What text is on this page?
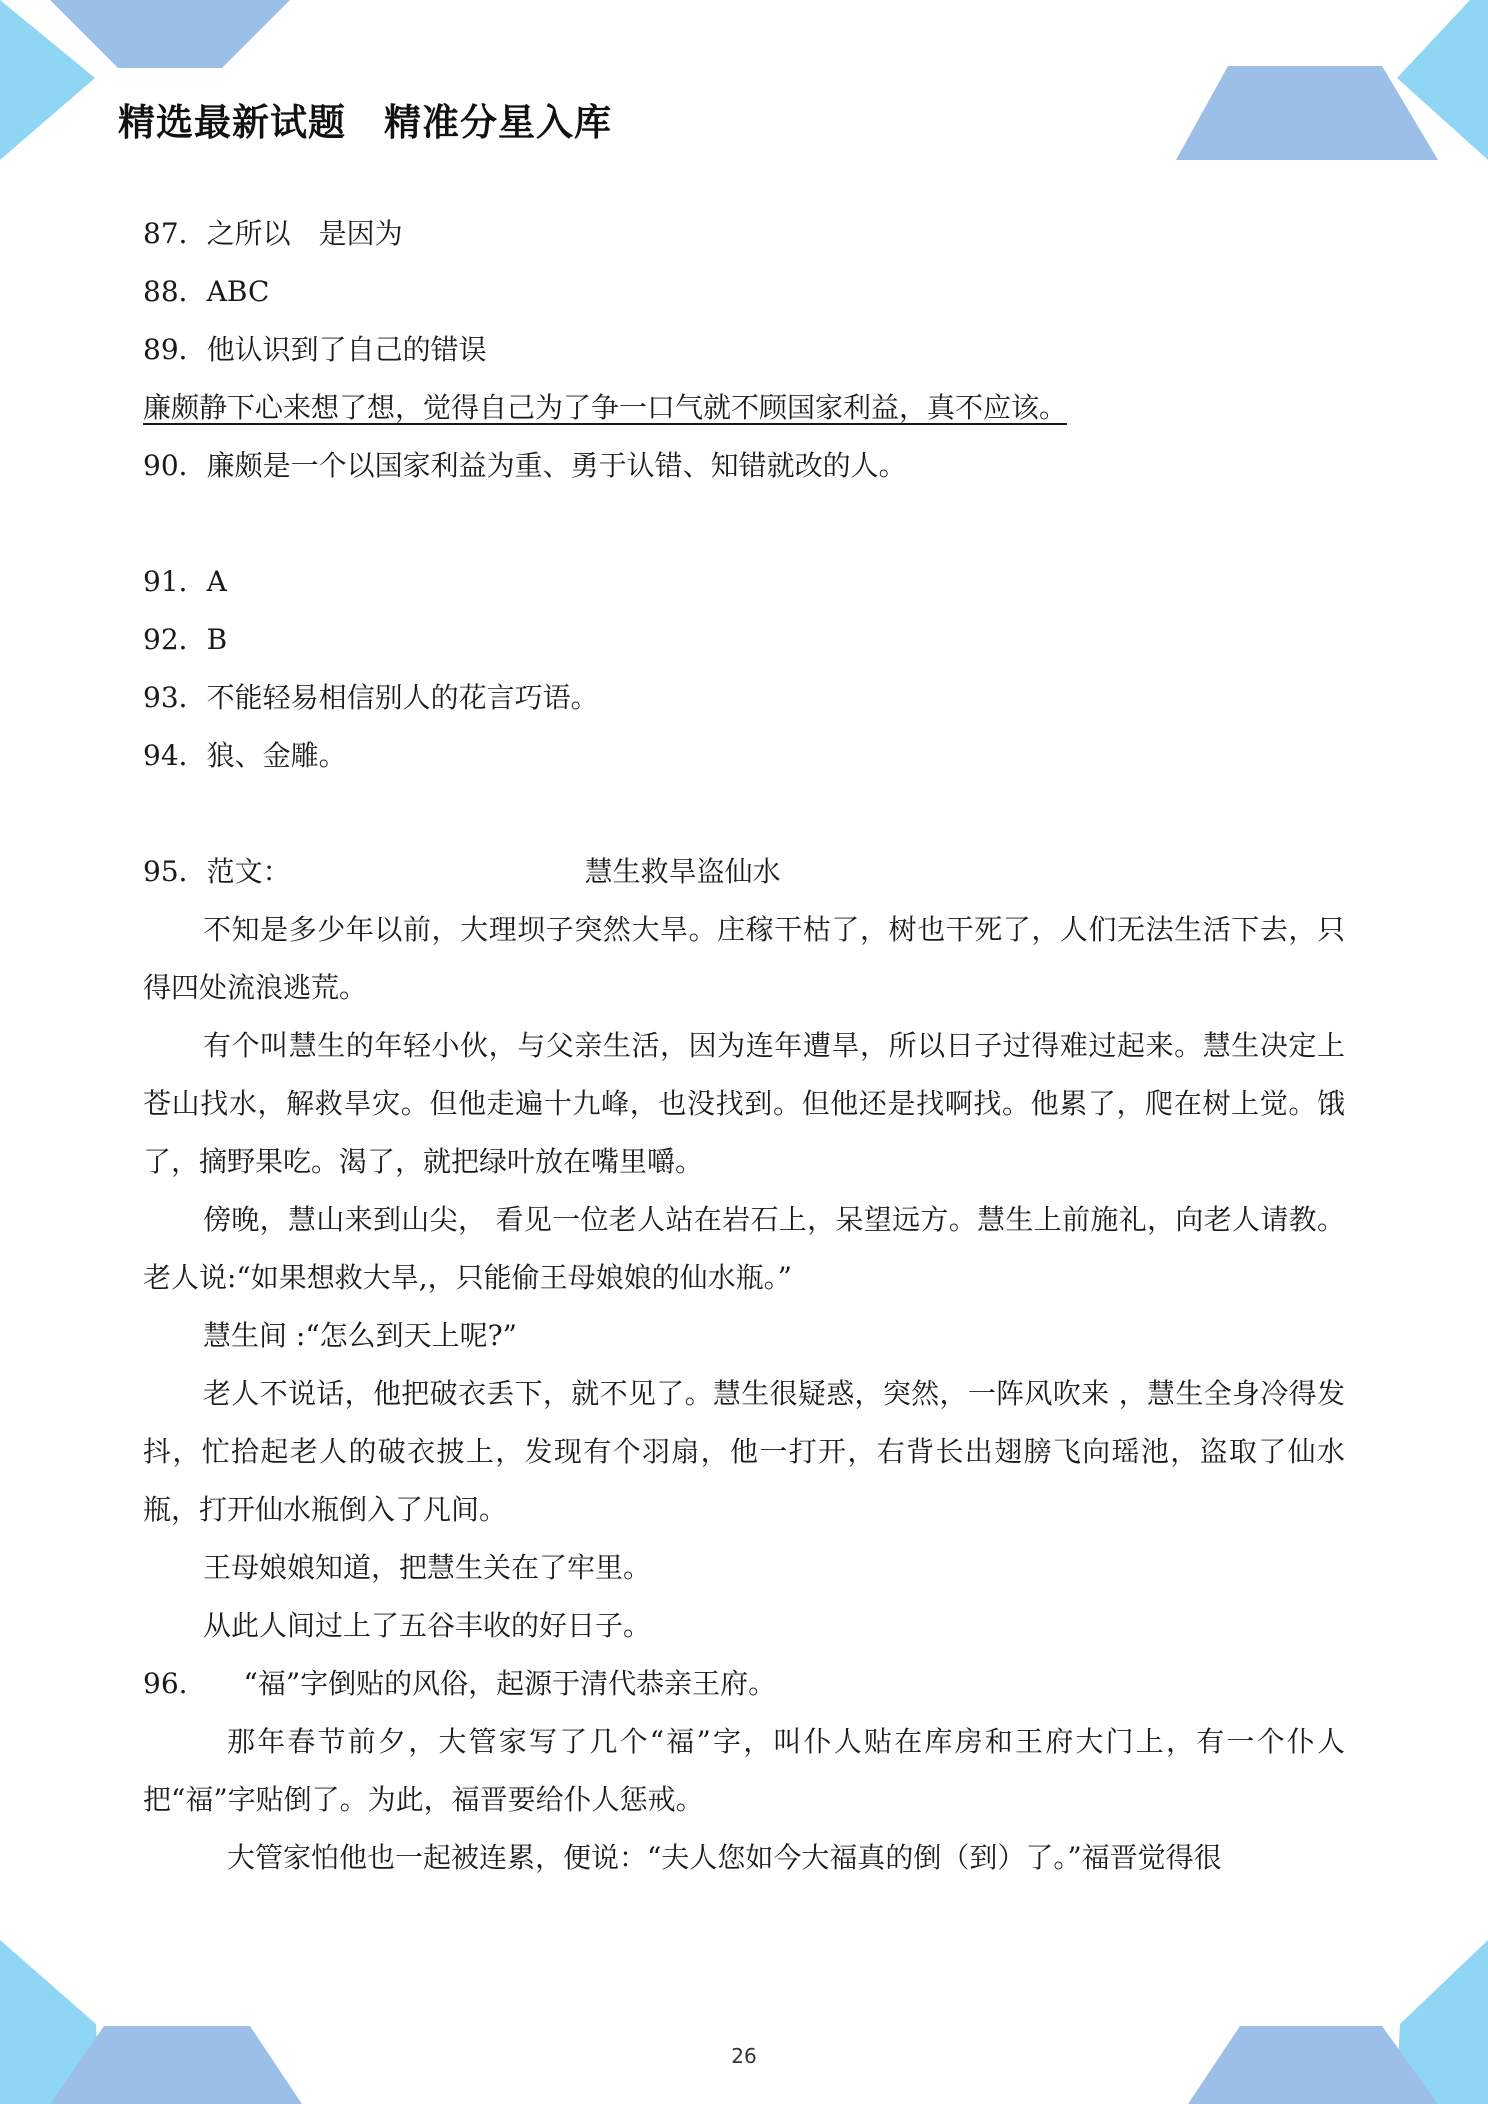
精选最新试题　精准分星入库

87．之所以　是因为

88．ABC

89．他认识到了自己的错误

廉颇静下心来想了想，觉得自己为了争一口气就不顾国家利益，真不应该。

90．廉颇是一个以国家利益为重、勇于认错、知错就改的人。

91．A

92．B

93．不能轻易相信别人的花言巧语。

94．狼、金雕。

95．范文：　　　　　　　　　　　慧生救旱盗仙水

不知是多少年以前，大理坝子突然大旱。庄稼干枯了，树也干死了，人们无法生活下去，只得四处流浪逃荒。

有个叫慧生的年轻小伙，与父亲生活，因为连年遭旱，所以日子过得难过起来。慧生决定上苍山找水，解救旱灾。但他走遍十九峰，也没找到。但他还是找啊找。他累了，爬在树上觉。饿了，摘野果吃。渴了，就把绿叶放在嘴里嚼。

傍晚，慧山来到山尖， 看见一位老人站在岩石上，呆望远方。慧生上前施礼，向老人请教。老人说:“如果想救大旱,，只能偷王母娘娘的仙水瓶。”

慧生间 :“怎么到天上呢?”

老人不说话，他把破衣丢下，就不见了。慧生很疑惑，突然，一阵风吹来 ，慧生全身冷得发抖，忙拾起老人的破衣披上，发现有个羽扇，他一打开，右背长出翅膀飞向瑶池，盗取了仙水瓶，打开仙水瓶倒入了凡间。

王母娘娘知道，把慧生关在了牢里。

从此人间过上了五谷丰收的好日子。

96.　　“福”字倒贴的风俗，起源于清代恭亲王府。

那年春节前夕，大管家写了几个“福”字，叫仆人贴在库房和王府大门上，有一个仆人把“福”字贴倒了。为此，福晋要给仆人惩戒。

大管家怕他也一起被连累，便说：“夫人您如今大福真的倒（到）了。”福晋觉得很

26
